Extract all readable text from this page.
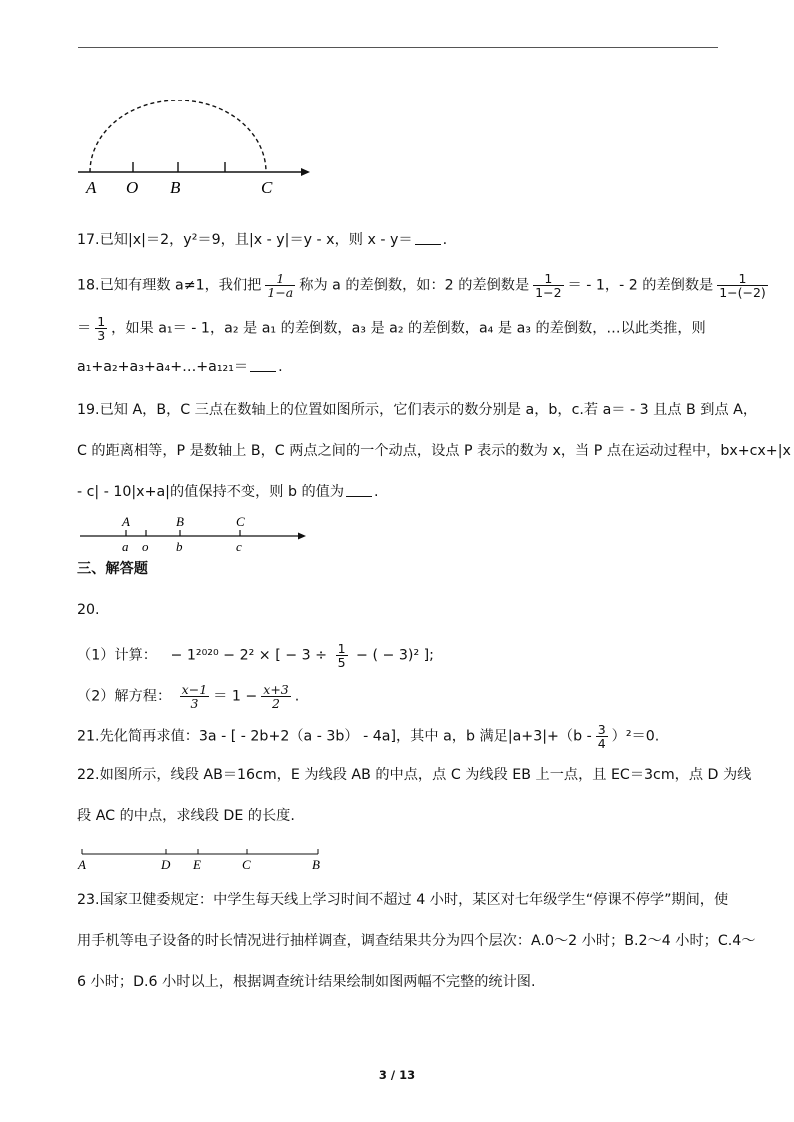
A O B	C
17.已知|x|＝2，y²＝9，且|x - y|＝y - x，则 x - y＝ .
18.已知有理数 a≠1，我们把 $\frac{1}{1-a}$ 称为 a 的差倒数，如：2 的差倒数是 $\frac{1}{1-2}$ ＝ - 1，- 2 的差倒数是 $\frac{1}{1-(-2)}$
＝ $\frac{1}{3}$ ，如果 a₁＝ - 1，a₂ 是 a₁ 的差倒数，a₃ 是 a₂ 的差倒数，a₄ 是 a₃ 的差倒数，…以此类推，则
a₁+a₂+a₃+a₄+…+a₁₂₁＝ .
19.已知 A，B，C 三点在数轴上的位置如图所示，它们表示的数分别是 a，b，c.若 a＝ - 3 且点 B 到点 A，
C 的距离相等，P 是数轴上 B，C 两点之间的一个动点，设点 P 表示的数为 x，当 P 点在运动过程中，bx+cx+|x
- c| - 10|x+a|的值保持不变，则 b 的值为 .
A	B	C
a o b	c
三、解答题
20.
（1）计算： − 1²⁰²⁰ − 2² × [ − $3 \div \frac{1}{5}$ − ( − 3)² ];
（2）解方程： $\frac{x-1}{3} = 1 - \frac{x+3}{2}$ .
21.先化简再求值：3a - [ - 2b+2（a - 3b） - 4a]，其中 a，b 满足$|a+3|+(b - \frac{3}{4} )^2=0$.
22.如图所示，线段 AB＝16cm，E 为线段 AB 的中点，点 C 为线段 EB 上一点，且 EC＝3cm，点 D 为线
段 AC 的中点，求线段 DE 的长度.
A	D E	C	B
23.国家卫健委规定：中学生每天线上学习时间不超过 4 小时，某区对七年级学生“停课不停学”期间，使
用手机等电子设备的时长情况进行抽样调查，调查结果共分为四个层次：A.0～2 小时；B.2～4 小时；C.4～
6 小时；D.6 小时以上，根据调查统计结果绘制如图两幅不完整的统计图.
3 / 13
